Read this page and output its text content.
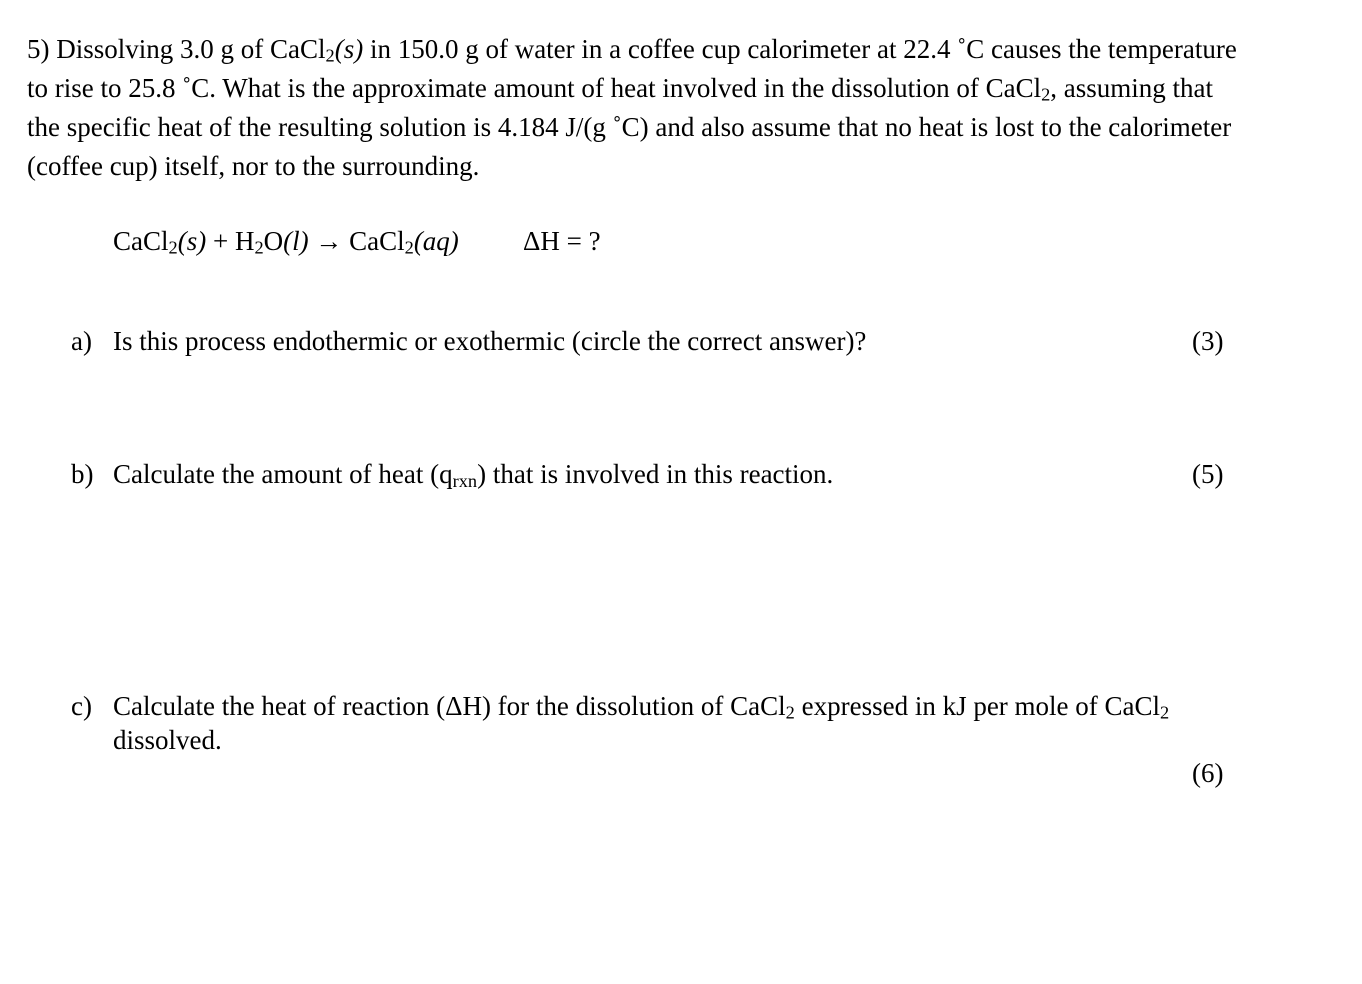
5) Dissolving 3.0 g of CaCl2(s) in 150.0 g of water in a coffee cup calorimeter at 22.4 ˚C causes the temperature
to rise to 25.8 ˚C. What is the approximate amount of heat involved in the dissolution of CaCl2, assuming that
the specific heat of the resulting solution is 4.184 J/(g ˚C) and also assume that no heat is lost to the calorimeter
(coffee cup) itself, nor to the surrounding.
CaCl2(s) + H2O(l) → CaCl2(aq) ΔH = ?
a) Is this process endothermic or exothermic (circle the correct answer)?	(3)
b) Calculate the amount of heat (qrxn) that is involved in this reaction.	(5)
c) Calculate the heat of reaction (ΔH) for the dissolution of CaCl2 expressed in kJ per mole of CaCl2
dissolved.
(6)
